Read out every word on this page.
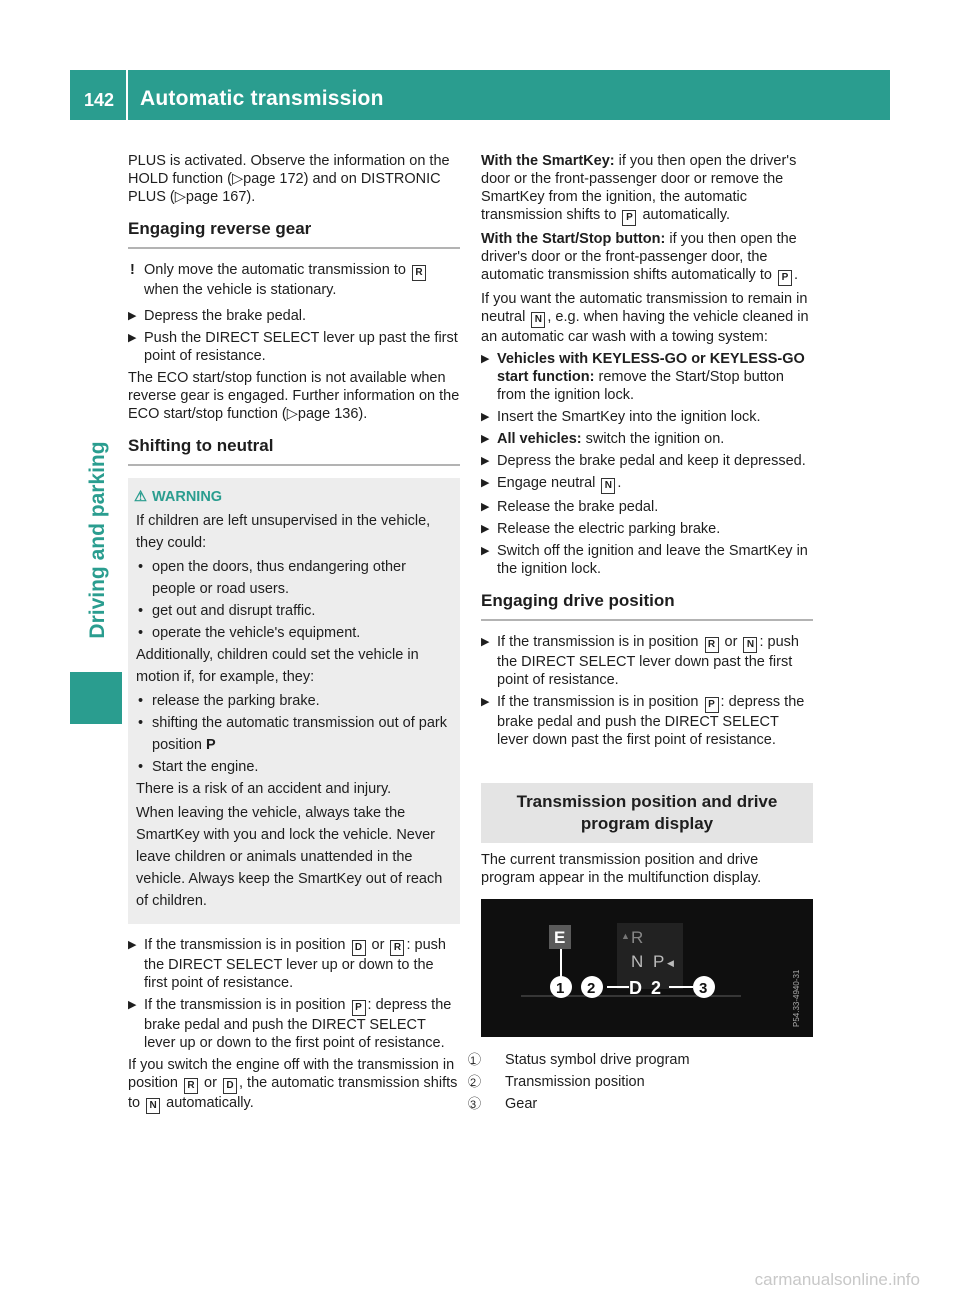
142 Automatic transmission
Driving and parking

PLUS is activated. Observe the information on the HOLD function (▷page 172) and on DISTRONIC PLUS (▷page 167).

Engaging reverse gear
! Only move the automatic transmission to R when the vehicle is stationary.
▶ Depress the brake pedal.
▶ Push the DIRECT SELECT lever up past the first point of resistance.

The ECO start/stop function is not available when reverse gear is engaged. Further information on the ECO start/stop function (▷page 136).

Shifting to neutral
⚠ WARNING

If children are left unsupervised in the vehicle, they could:

• open the doors, thus endangering other people or road users.
• get out and disrupt traffic.
• operate the vehicle's equipment.

Additionally, children could set the vehicle in motion if, for example, they:

• release the parking brake.
• shifting the automatic transmission out of park position P
• Start the engine.

There is a risk of an accident and injury.

When leaving the vehicle, always take the SmartKey with you and lock the vehicle. Never leave children or animals unattended in the vehicle. Always keep the SmartKey out of reach of children.

▶ If the transmission is in position D or R : push the DIRECT SELECT lever up or down to the first point of resistance.
▶ If the transmission is in position P : depress the brake pedal and push the DIRECT SELECT lever up or down to the first point of resistance.

If you switch the engine off with the transmission in position R or D , the automatic transmission shifts to N automatically.

With the SmartKey: if you then open the driver's door or the front-passenger door or remove the SmartKey from the ignition, the automatic transmission shifts to P automatically.

With the Start/Stop button: if you then open the driver's door or the front-passenger door, the automatic transmission shifts automatically to P .

If you want the automatic transmission to remain in neutral N , e.g. when having the vehicle cleaned in an automatic car wash with a towing system:

▶ Vehicles with KEYLESS-GO or KEYLESS-GO start function: remove the Start/Stop button from the ignition lock.
▶ Insert the SmartKey into the ignition lock.
▶ All vehicles: switch the ignition on.
▶ Depress the brake pedal and keep it depressed.
▶ Engage neutral N .
▶ Release the brake pedal.
▶ Release the electric parking brake.
▶ Switch off the ignition and leave the SmartKey in the ignition lock.
Engaging drive position
▶ If the transmission is in position R or N : push the DIRECT SELECT lever down past the first point of resistance.
▶ If the transmission is in position P : depress the brake pedal and push the DIRECT SELECT lever down past the first point of resistance.
Transmission position and drive program display

The current transmission position and drive program appear in the multifunction display.

E	▲ R
N P ◀
1 2 D 2	3	P54.33-4940-31
1 Status symbol drive program
2 Transmission position
3 Gear
carmanualsonline.info
